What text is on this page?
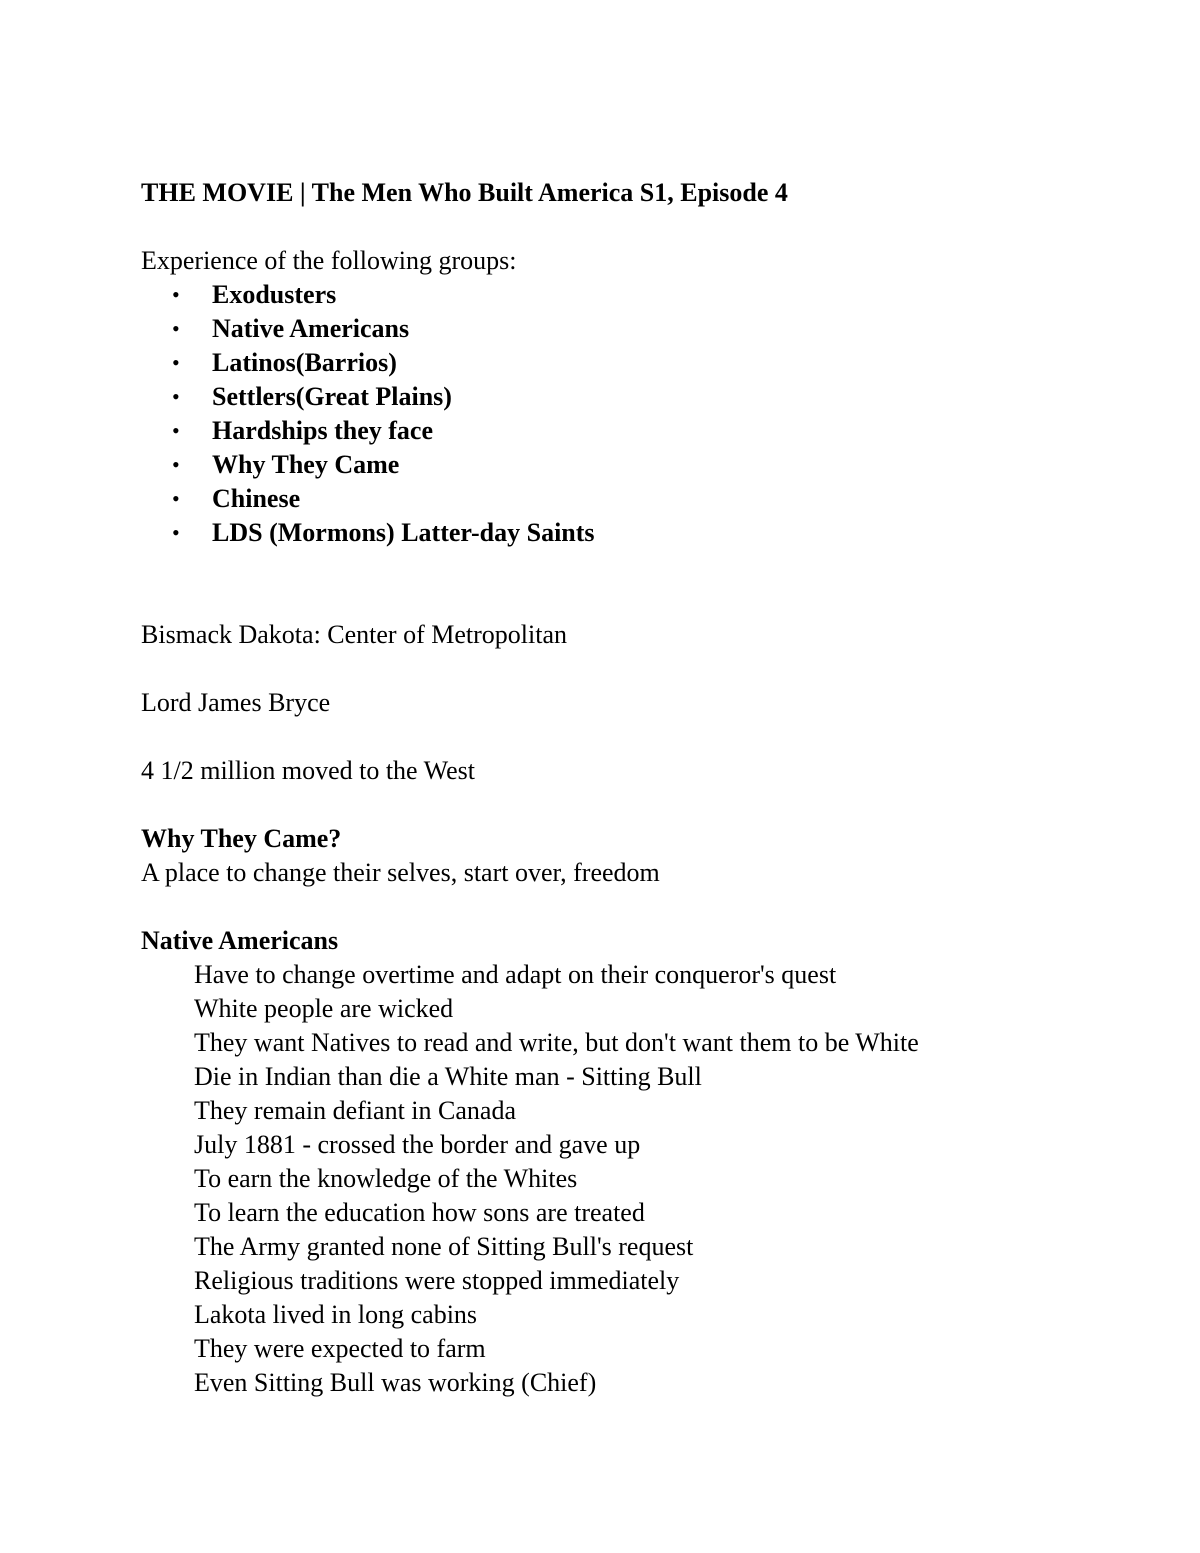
THE MOVIE | The Men Who Built America S1, Episode 4

Experience of the following groups:

• Exodusters
• Native Americans
• Latinos(Barrios)
• Settlers(Great Plains)
• Hardships they face
• Why They Came
• Chinese
• LDS (Mormons) Latter-day Saints

Bismack Dakota: Center of Metropolitan

Lord James Bryce

4 1/2 million moved to the West

Why They Came?

A place to change their selves, start over, freedom

Native Americans

Have to change overtime and adapt on their conqueror's quest

White people are wicked

They want Natives to read and write, but don't want them to be White

Die in Indian than die a White man - Sitting Bull

They remain defiant in Canada

July 1881 - crossed the border and gave up

To earn the knowledge of the Whites

To learn the education how sons are treated

The Army granted none of Sitting Bull's request

Religious traditions were stopped immediately

Lakota lived in long cabins

They were expected to farm

Even Sitting Bull was working (Chief)
